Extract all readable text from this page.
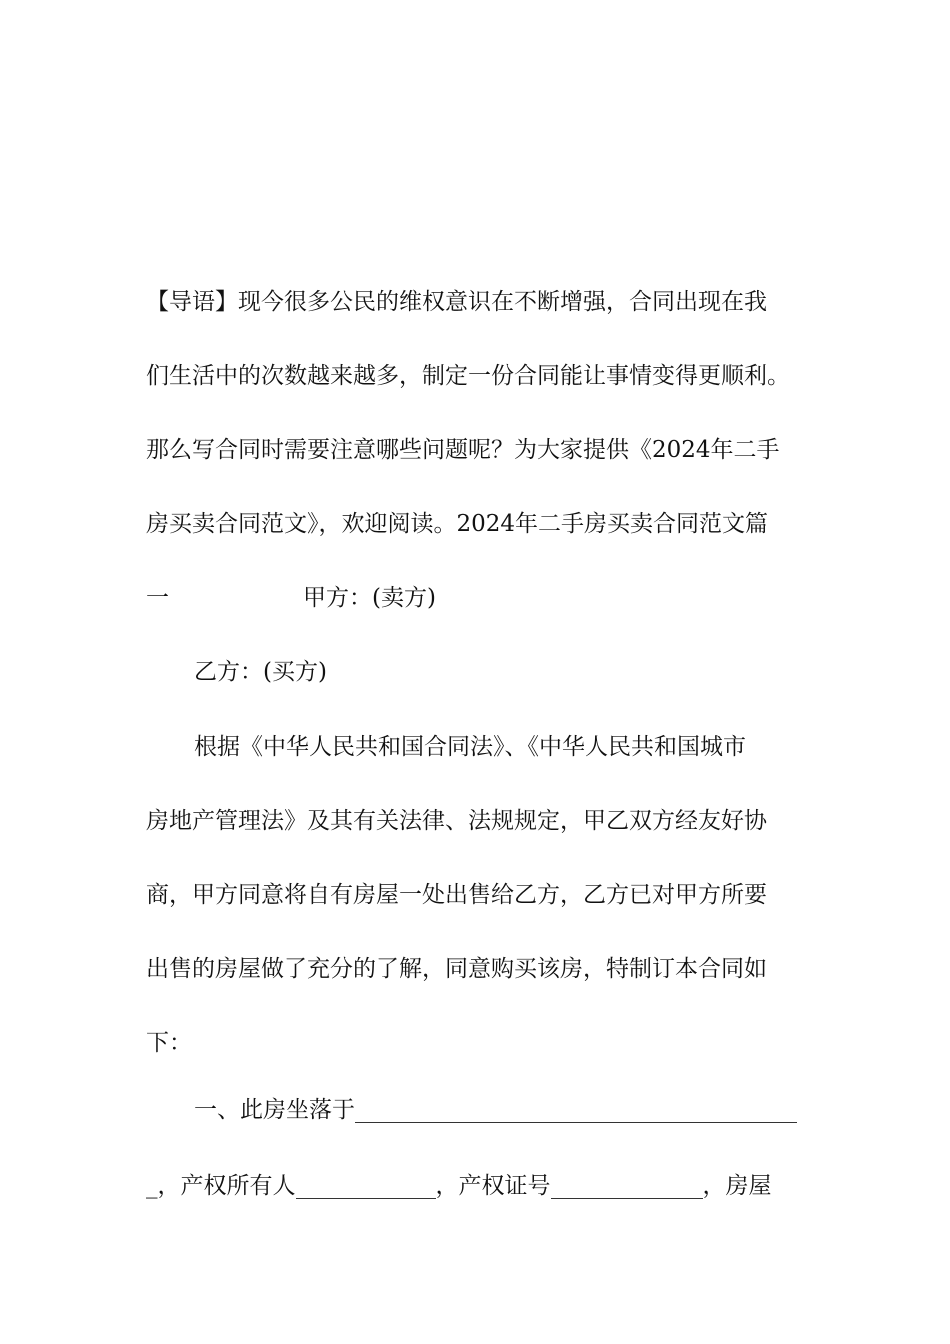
【导语】现今很多公民的维权意识在不断增强，合同出现在我
们生活中的次数越来越多，制定一份合同能让事情变得更顺利。
那么写合同时需要注意哪些问题呢？为大家提供《2024年二手
房买卖合同范文》，欢迎阅读。2024年二手房买卖合同范文篇
一	甲方：(卖方)
乙方：(买方)
根据《中华人民共和国合同法》、《中华人民共和国城市
房地产管理法》及其有关法律、法规规定，甲乙双方经友好协
商，甲方同意将自有房屋一处出售给乙方，乙方已对甲方所要
出售的房屋做了充分的了解，同意购买该房，特制订本合同如
下：
一、此房坐落于
_，产权所有人	，产权证号	，房屋
